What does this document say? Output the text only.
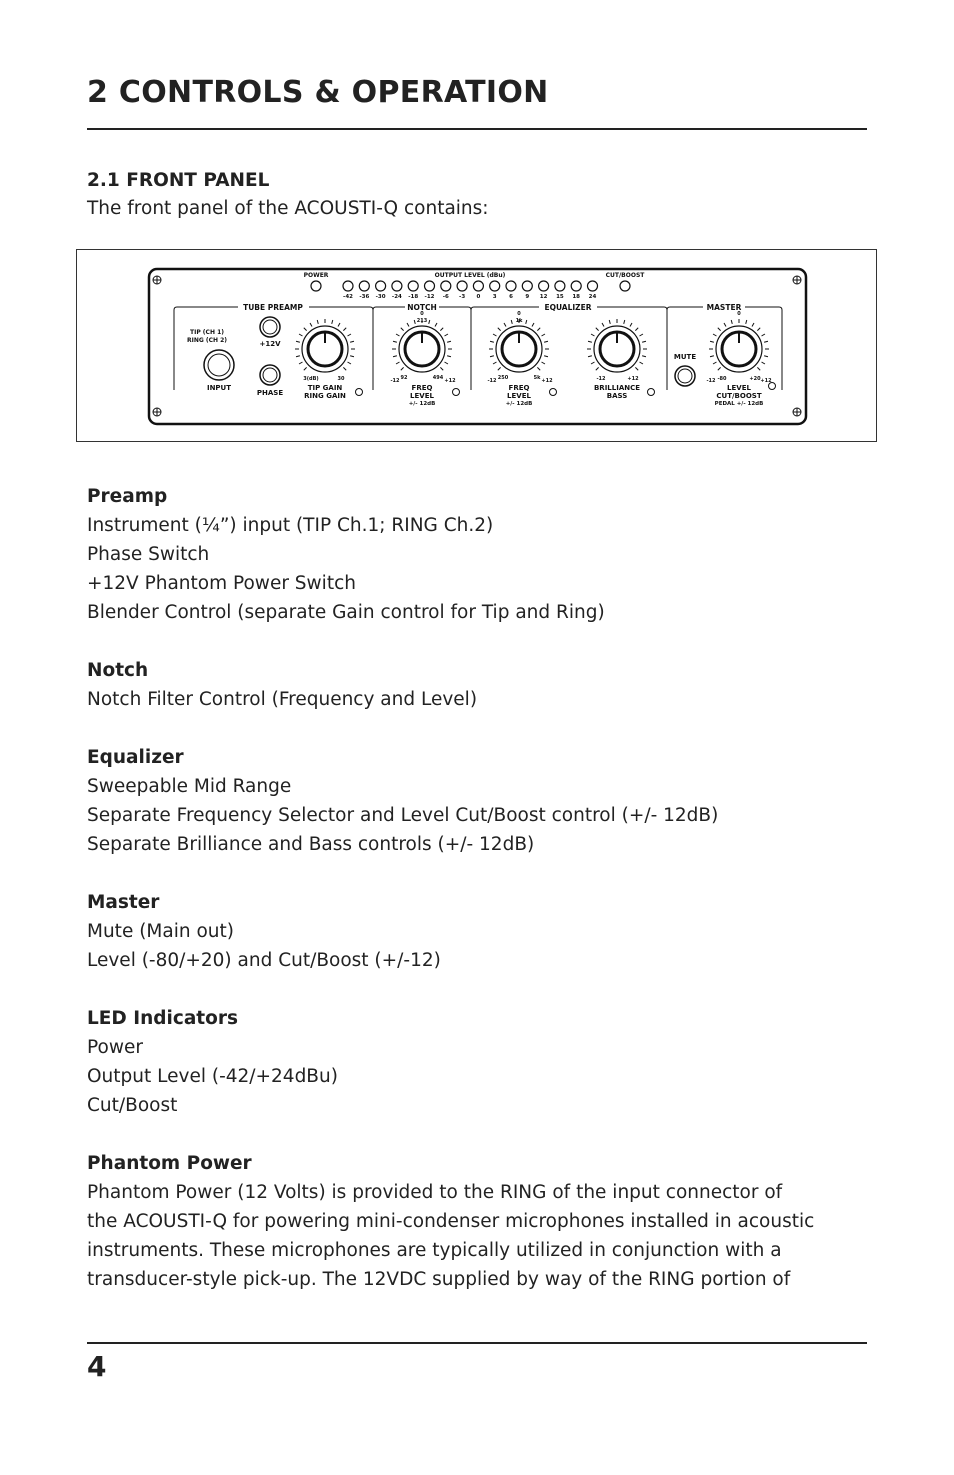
2 CONTROLS & OPERATION
2.1 FRONT PANEL

The front panel of the ACOUSTI-Q contains:

POWER	OUTPUT LEVEL (dBu)	CUT/BOOST
-42 -36 -30 -24 -18 -12 -6 -3 0 3 6 9 12 15 18 24
TUBE PREAMP	NOTCH	EQUALIZER	MASTER
TIP (CH 1)
RING (CH 2)
INPUT
+12V
PHASE
TIP GAIN
RING GAIN
3(dB)	30
FREQ
LEVEL
+/- 12dB
-12 92	494 +12
0
213
FREQ
LEVEL
+/- 12dB
-12 250	5k +12
0
1k
BRILLIANCE
BASS
-12	+12
MUTE
LEVEL
CUT/BOOST
PEDAL +/- 12dB
-12 -80	+20 +12
0
Preamp

Instrument (¼”) input (TIP Ch.1; RING Ch.2)

Phase Switch

+12V Phantom Power Switch

Blender Control (separate Gain control for Tip and Ring)

Notch

Notch Filter Control (Frequency and Level)

Equalizer

Sweepable Mid Range

Separate Frequency Selector and Level Cut/Boost control (+/- 12dB)

Separate Brilliance and Bass controls (+/- 12dB)

Master

Mute (Main out)

Level (-80/+20) and Cut/Boost (+/-12)

LED Indicators

Power

Output Level (-42/+24dBu)

Cut/Boost

Phantom Power

Phantom Power (12 Volts) is provided to the RING of the input connector of

the ACOUSTI-Q for powering mini-condenser microphones installed in acoustic

instruments. These microphones are typically utilized in conjunction with a

transducer-style pick-up. The 12VDC supplied by way of the RING portion of

4
